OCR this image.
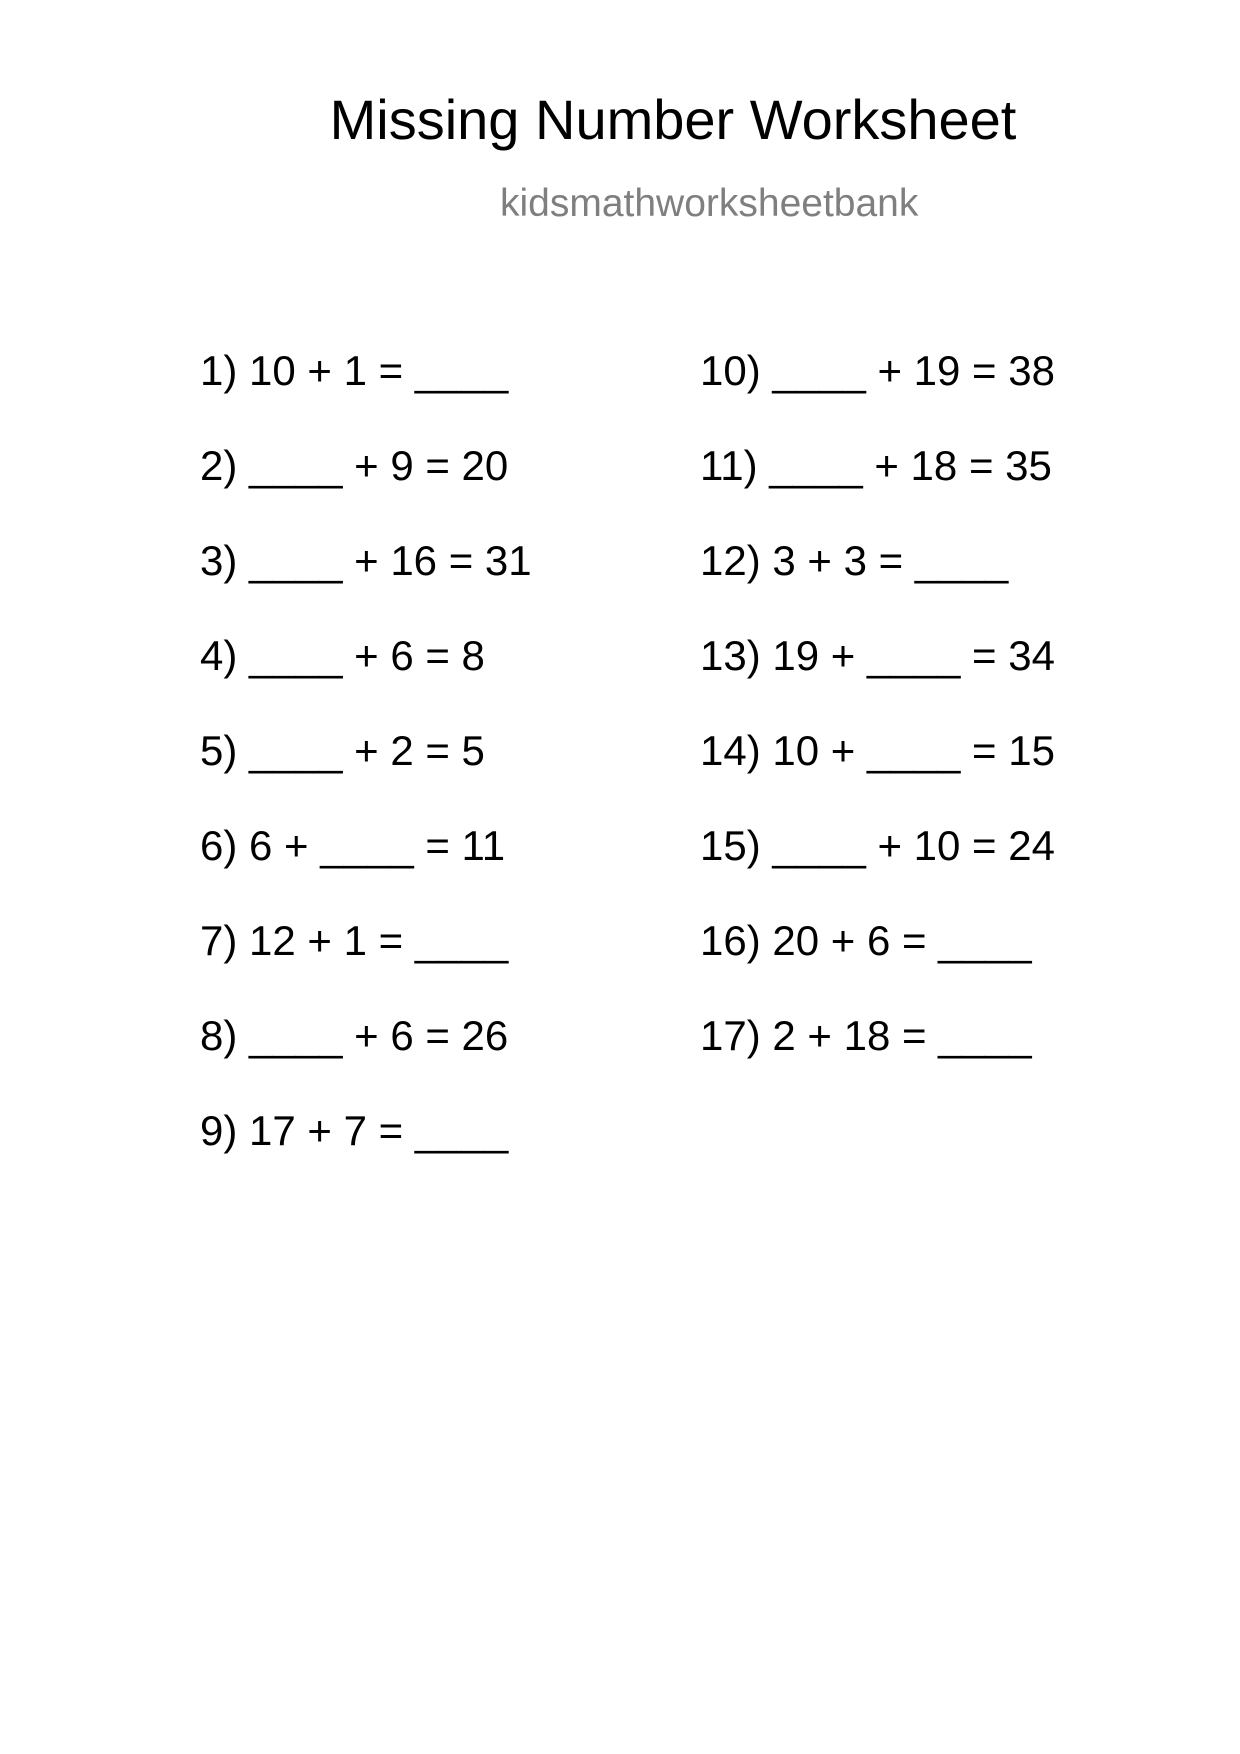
Missing Number Worksheet
kidsmathworksheetbank
1) 10 + 1 = ____
2) ____ + 9 = 20
3) ____ + 16 = 31
4) ____ + 6 = 8
5) ____ + 2 = 5
6) 6 + ____ = 11
7) 12 + 1 = ____
8) ____ + 6 = 26
9) 17 + 7 = ____
10) ____ + 19 = 38
11) ____ + 18 = 35
12) 3 + 3 = ____
13) 19 + ____ = 34
14) 10 + ____ = 15
15) ____ + 10 = 24
16) 20 + 6 = ____
17) 2 + 18 = ____
